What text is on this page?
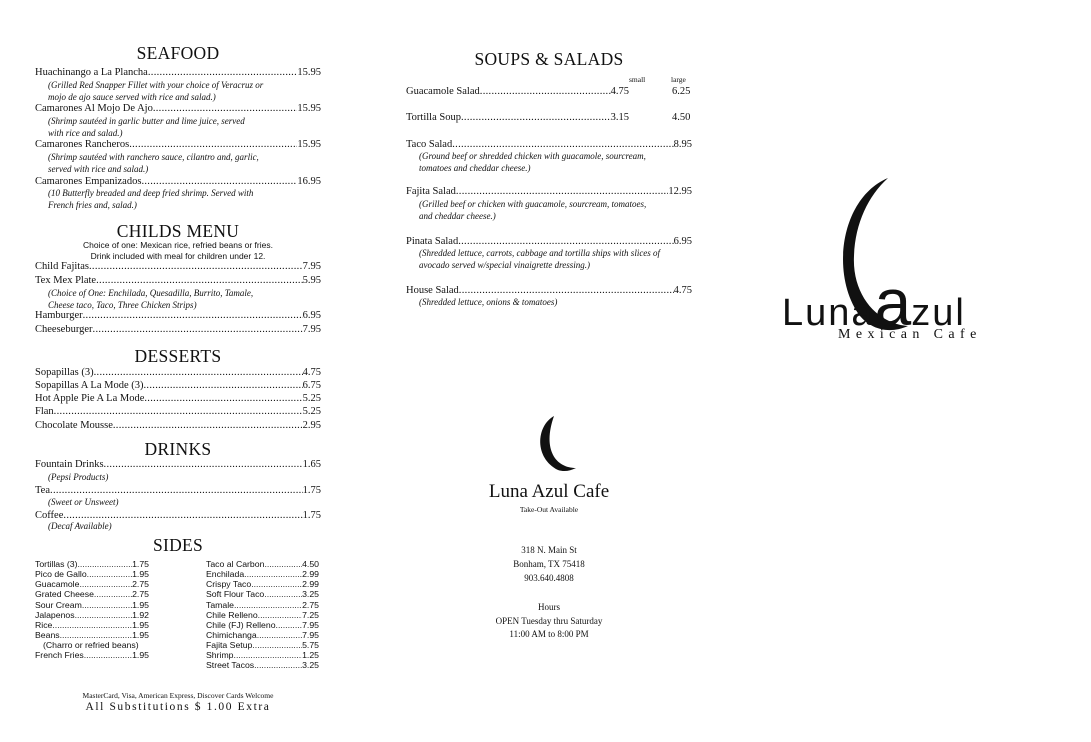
SEAFOOD
Huachinango a La Plancha .....	15.95
(Grilled Red Snapper Fillet with your choice of Veracruz or
mojo de ajo sauce served with rice and salad.)
Camarones Al Mojo De Ajo .....	15.95
(Shrimp sautéed in garlic butter and lime juice, served
with rice and salad.)
Camarones Rancheros .....	15.95
(Shrimp sautéed with ranchero sauce, cilantro and, garlic,
served with rice and salad.)
Camarones Empanizados .....	16.95
(10 Butterfly breaded and deep fried shrimp. Served with
French fries and, salad.)
CHILDS MENU
Choice of one: Mexican rice, refried beans or fries.
Drink included with meal for children under 12.
Child Fajitas .....	7.95
Tex Mex Plate .....	5.95
(Choice of One: Enchilada, Quesadilla, Burrito, Tamale,
Cheese taco, Taco, Three Chicken Strips)
Hamburger .....	6.95
Cheeseburger .....	7.95
DESSERTS
Sopapillas (3) .....	4.75
Sopapillas A La Mode (3) .....	6.75
Hot Apple Pie A La Mode .....	5.25
Flan .....	5.25
Chocolate Mousse .....	2.95
DRINKS
Fountain Drinks .....	1.65
(Pepsi Products)
Tea .....	1.75
(Sweet or Unsweet)
Coffee .....	1.75
(Decaf Available)
SIDES
Tortillas (3) .....	1.75
Pico de Gallo .....	1.95
Guacamole .....	2.75
Grated Cheese .....	2.75
Sour Cream .....	1.95
Jalapenos .....	1.92
Rice .....	1.95
Beans .....	1.95
(Charro or refried beans)
French Fries .....	1.95
Taco al Carbon .....	4.50
Enchilada .....	2.99
Crispy Taco .....	2.99
Soft Flour Taco .....	3.25
Tamale .....	2.75
Chile Relleno .....	7.25
Chile (FJ) Relleno .....	7.95
Chimichanga .....	7.95
Fajita Setup .....	5.75
Shrimp .....	1.25
Street Tacos .....	3.25
MasterCard, Visa, American Express, Discover Cards Welcome
All Substitutions $ 1.00 Extra
SOUPS & SALADS
small	large
Guacamole Salad .....	4.75	6.25
Tortilla Soup .....	3.15	4.50
Taco Salad .....	8.95
(Ground beef or shredded chicken with guacamole, sourcream,
tomatoes and cheddar cheese.)
Fajita Salad .....	12.95
(Grilled beef or chicken with guacamole, sourcream, tomatoes,
and cheddar cheese.)
Pinata Salad .....	6.95
(Shredded lettuce, carrots, cabbage and tortilla ships with slices of
avocado served w/special vinaigrette dressing.)
House Salad .....	4.75
(Shredded lettuce, onions & tomatoes)
Luna Azul Cafe
Take-Out Available
318 N. Main St
Bonham, TX 75418
903.640.4808
Hours
OPEN Tuesday thru Saturday
11:00 AM to 8:00 PM
Lunaazul
Mexican Cafe
